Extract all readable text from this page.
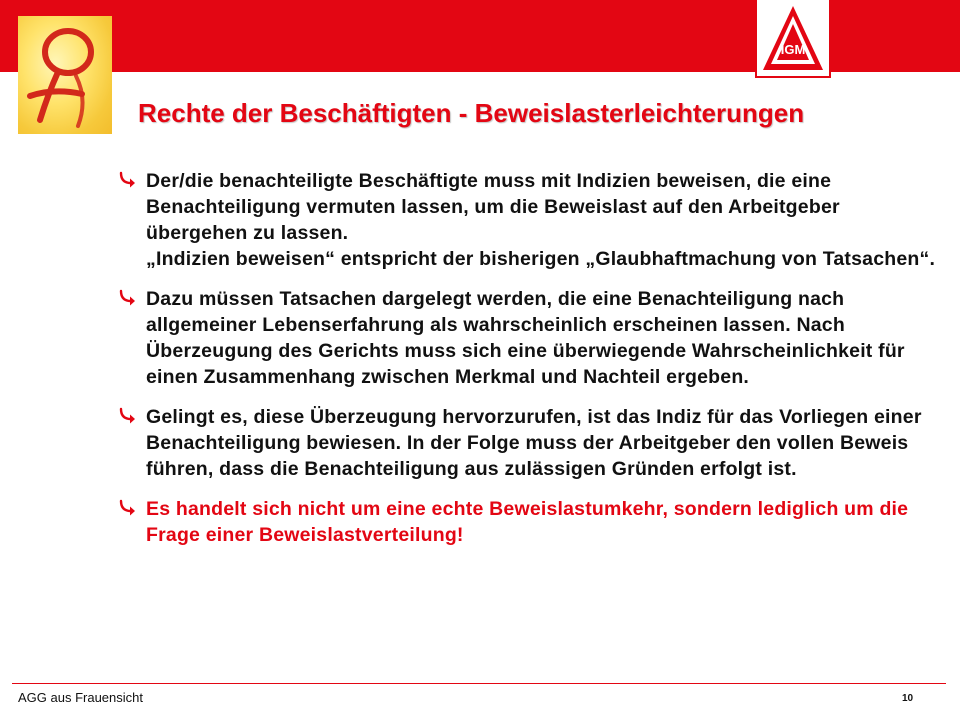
IGM
Rechte der Beschäftigten - Beweislasterleichterungen

Der/die benachteiligte Beschäftigte muss mit Indizien beweisen, die eine Benachteiligung vermuten lassen, um die Beweislast auf den Arbeitgeber übergehen zu lassen.

„Indizien beweisen“ entspricht der bisherigen „Glaubhaftmachung von Tatsachen“.

Dazu müssen Tatsachen dargelegt werden, die eine Benachteiligung nach allgemeiner Lebenserfahrung als wahrscheinlich erscheinen lassen. Nach Überzeugung des Gerichts muss sich eine überwiegende Wahrscheinlichkeit für einen Zusammenhang zwischen Merkmal und Nachteil ergeben.

Gelingt es, diese Überzeugung hervorzurufen, ist das Indiz für das Vorliegen einer Benachteiligung bewiesen. In der Folge muss der Arbeitgeber den vollen Beweis führen, dass die Benachteiligung aus zulässigen Gründen erfolgt ist.

Es handelt sich nicht um eine echte Beweislastumkehr, sondern lediglich um die Frage einer Beweislastverteilung!

AGG aus Frauensicht	10
